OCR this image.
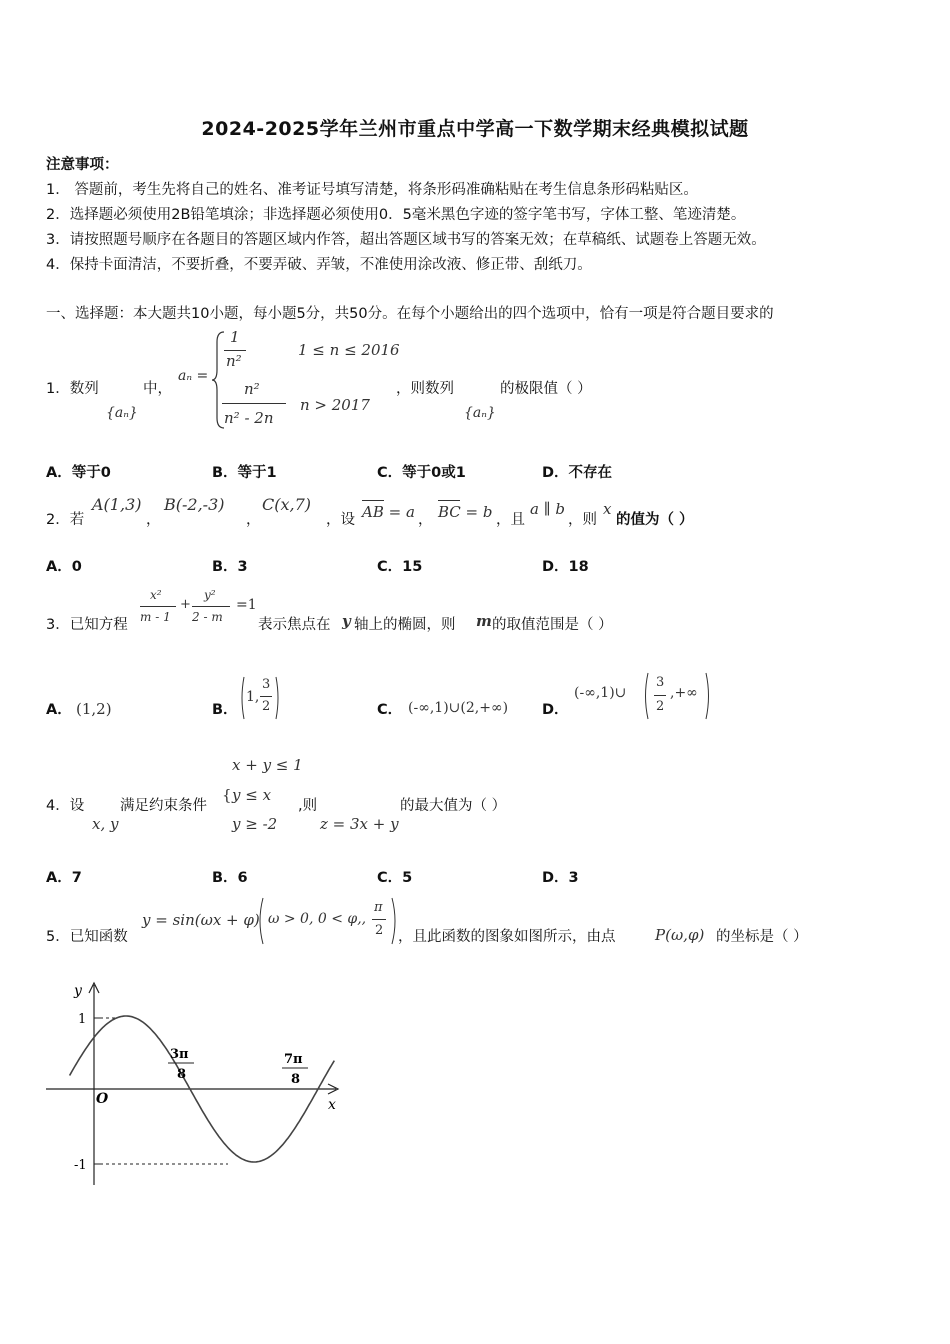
2024-2025学年兰州市重点中学高一下数学期末经典模拟试题
注意事项：
1． 答题前，考生先将自己的姓名、准考证号填写清楚，将条形码准确粘贴在考生信息条形码粘贴区。
2．选择题必须使用2B铅笔填涂；非选择题必须使用0．5毫米黑色字迹的签字笔书写，字体工整、笔迹清楚。
3．请按照题号顺序在各题目的答题区域内作答，超出答题区域书写的答案无效；在草稿纸、试题卷上答题无效。
4．保持卡面清洁，不要折叠，不要弄破、弄皱，不准使用涂改液、修正带、刮纸刀。
一、选择题：本大题共10小题，每小题5分，共50分。在每个小题给出的四个选项中，恰有一项是符合题目要求的
1．数列
{aₙ}
中，
aₙ =
1
n²
1 ≤ n ≤ 2016
n²
n² - 2n
n > 2017
，则数列
{aₙ}
的极限值（ ）
A．等于0	B．等于1	C．等于0或1	D．不存在
2．若
A(1,3)
，
B(-2,-3)
，
C(x,7)
，设 AB = a ， BC = b ，且
a ∥ b
，则
x
的值为（ ）
A．0	B．3	C．15	D．18
3．已知方程
x²
m - 1
+
y²
2 - m
=1
表示焦点在 y 轴上的椭圆，则 m 的取值范围是（ ）
A． (1,2)	B．
1,
3
2	C． (-∞,1)∪(2,+∞) D．
(-∞,1)∪
3
2
,+∞
x + y ≤ 1
4．设 满足约束条件
{ y ≤ x
,则	的最大值为（ ）
x, y	y ≥ -2	z = 3x + y
A．7	B．6	C．5	D．3
5．已知函数
y = sin(ωx + φ) ω > 0, 0 < φ,,
π
2 ，且此函数的图象如图所示，由点	P(ω,φ) 的坐标是（ ）
y
x
O
1
-1
3π
8
7π
8
